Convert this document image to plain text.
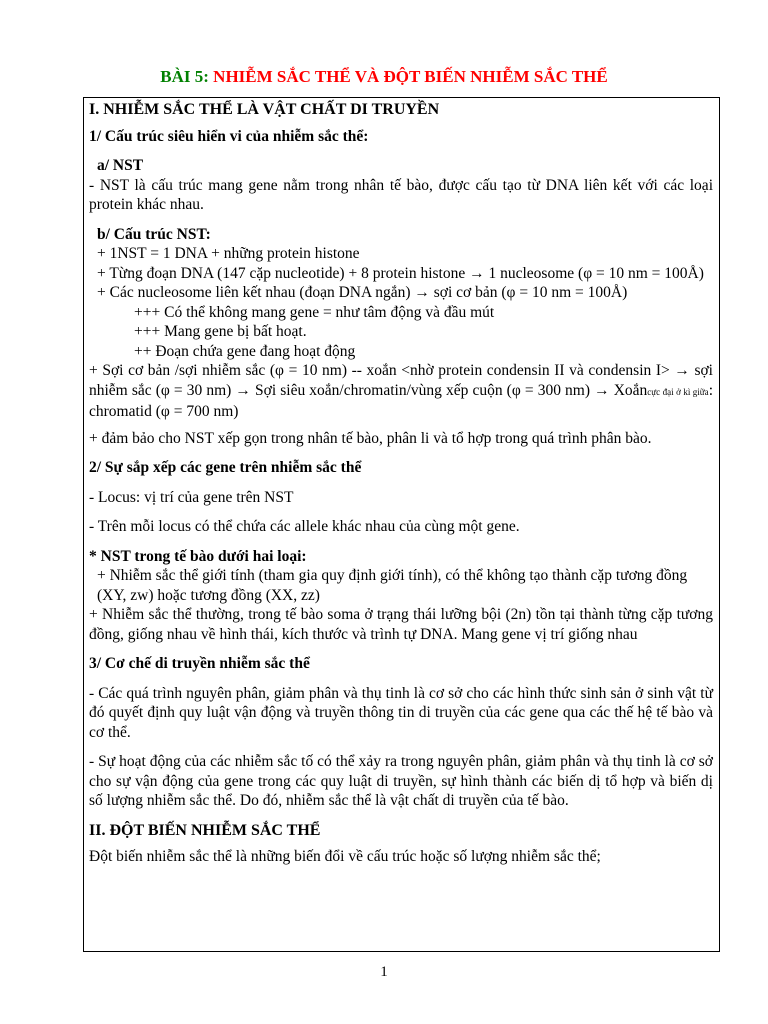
BÀI 5: NHIỄM SẮC THỂ VÀ ĐỘT BIẾN NHIỄM SẮC THỂ

I. NHIỄM SẮC THỂ LÀ VẬT CHẤT DI TRUYỀN

1/ Cấu trúc siêu hiển vi của nhiễm sắc thể:

a/ NST

- NST là cấu trúc mang gene nằm trong nhân tế bào, được cấu tạo từ DNA liên kết với các loại protein khác nhau.

b/ Cấu trúc NST:

+ 1NST = 1 DNA + những protein histone

+ Từng đoạn DNA (147 cặp nucleotide) + 8 protein histone → 1 nucleosome (φ = 10 nm = 100Å)

+ Các nucleosome liên kết nhau (đoạn DNA ngắn) → sợi cơ bản (φ = 10 nm = 100Å)

+++ Có thể không mang gene = như tâm động và đầu mút

+++ Mang gene bị bất hoạt.

++ Đoạn chứa gene đang hoạt động

+ Sợi cơ bản /sợi nhiễm sắc (φ = 10 nm) -- xoắn <nhờ protein condensin II và condensin I> → sợi nhiễm sắc (φ = 30 nm) → Sợi siêu xoắn/chromatin/vùng xếp cuộn (φ = 300 nm) → Xoắncực đại ở kì giữa: chromatid (φ = 700 nm)

+ đảm bảo cho NST xếp gọn trong nhân tế bào, phân li và tổ hợp trong quá trình phân bào.

2/ Sự sắp xếp các gene trên nhiễm sắc thể

- Locus: vị trí của gene trên NST

- Trên mỗi locus có thể chứa các allele khác nhau của cùng một gene.

* NST trong tế bào dưới hai loại:

+ Nhiễm sắc thể giới tính (tham gia quy định giới tính), có thể không tạo thành cặp tương đồng (XY, zw) hoặc tương đồng (XX, zz)

+ Nhiễm sắc thể thường, trong tế bào soma ở trạng thái lưỡng bội (2n) tồn tại thành từng cặp tương đồng, giống nhau về hình thái, kích thước và trình tự DNA. Mang gene vị trí giống nhau

3/ Cơ chế di truyền nhiễm sắc thể

- Các quá trình nguyên phân, giảm phân và thụ tinh là cơ sở cho các hình thức sinh sản ở sinh vật từ đó quyết định quy luật vận động và truyền thông tin di truyền của các gene qua các thế hệ tế bào và cơ thể.

- Sự hoạt động của các nhiễm sắc tố có thể xảy ra trong nguyên phân, giảm phân và thụ tinh là cơ sở cho sự vận động của gene trong các quy luật di truyền, sự hình thành các biến dị tổ hợp và biến dị số lượng nhiễm sắc thể. Do đó, nhiễm sắc thể là vật chất di truyền của tế bào.

II. ĐỘT BIẾN NHIỄM SẮC THỂ

Đột biến nhiễm sắc thể là những biến đổi về cấu trúc hoặc số lượng nhiễm sắc thể;

1
